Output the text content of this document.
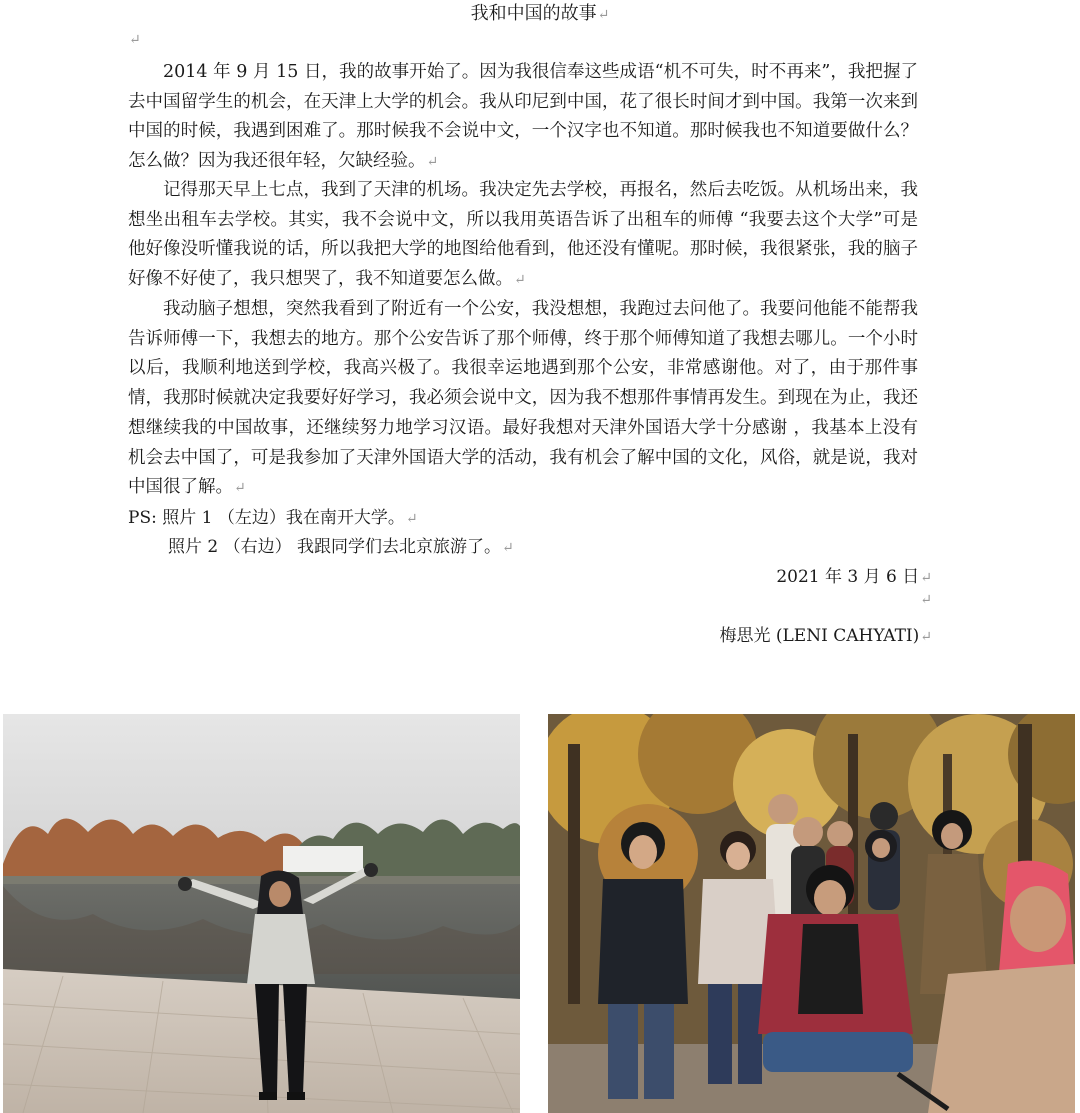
我和中国的故事↵
↵

2014 年 9 月 15 日，我的故事开始了。因为我很信奉这些成语“机不可失，时不再来”，我把握了去中国留学生的机会，在天津上大学的机会。我从印尼到中国，花了很长时间才到中国。我第一次来到中国的时候，我遇到困难了。那时候我不会说中文，一个汉字也不知道。那时候我也不知道要做什么？怎么做？因为我还很年轻，欠缺经验。↵

记得那天早上七点，我到了天津的机场。我决定先去学校，再报名，然后去吃饭。从机场出来，我想坐出租车去学校。其实，我不会说中文，所以我用英语告诉了出租车的师傅 “我要去这个大学”可是他好像没听懂我说的话，所以我把大学的地图给他看到，他还没有懂呢。那时候，我很紧张，我的脑子好像不好使了，我只想哭了，我不知道要怎么做。↵

我动脑子想想，突然我看到了附近有一个公安，我没想想，我跑过去问他了。我要问他能不能帮我告诉师傅一下，我想去的地方。那个公安告诉了那个师傅，终于那个师傅知道了我想去哪儿。一个小时以后，我顺利地送到学校，我高兴极了。我很幸运地遇到那个公安，非常感谢他。对了，由于那件事情，我那时候就决定我要好好学习，我必须会说中文，因为我不想那件事情再发生。到现在为止，我还想继续我的中国故事，还继续努力地学习汉语。最好我想对天津外国语大学十分感谢 ，我基本上没有机会去中国了，可是我参加了天津外国语大学的活动，我有机会了解中国的文化，风俗，就是说，我对中国很了解。↵

PS: 照片 1 （左边）我在南开大学。↵
照片 2 （右边） 我跟同学们去北京旅游了。↵
2021 年 3 月 6 日↵
↵
梅思光 (LENI CAHYATI)↵
